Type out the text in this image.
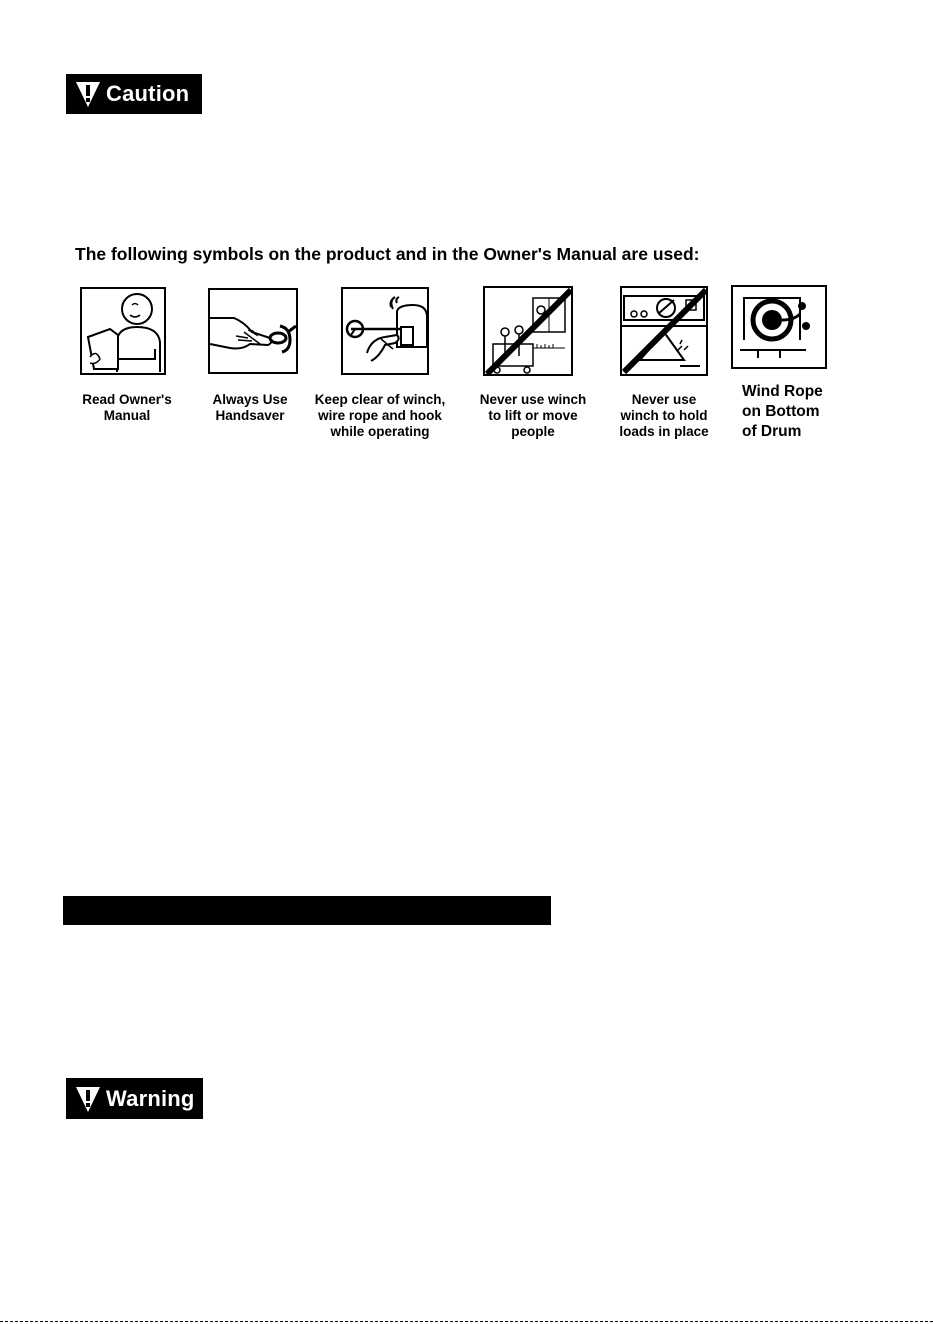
Caution
The following symbols on the product and in the Owner's Manual are used:
Read Owner's
Manual
Always Use
Handsaver
Keep clear of winch,
wire rope and hook
while operating
Never use winch
to lift or move
people
Never use
winch to hold
loads in place
Wind Rope
on Bottom
of Drum
Warning
